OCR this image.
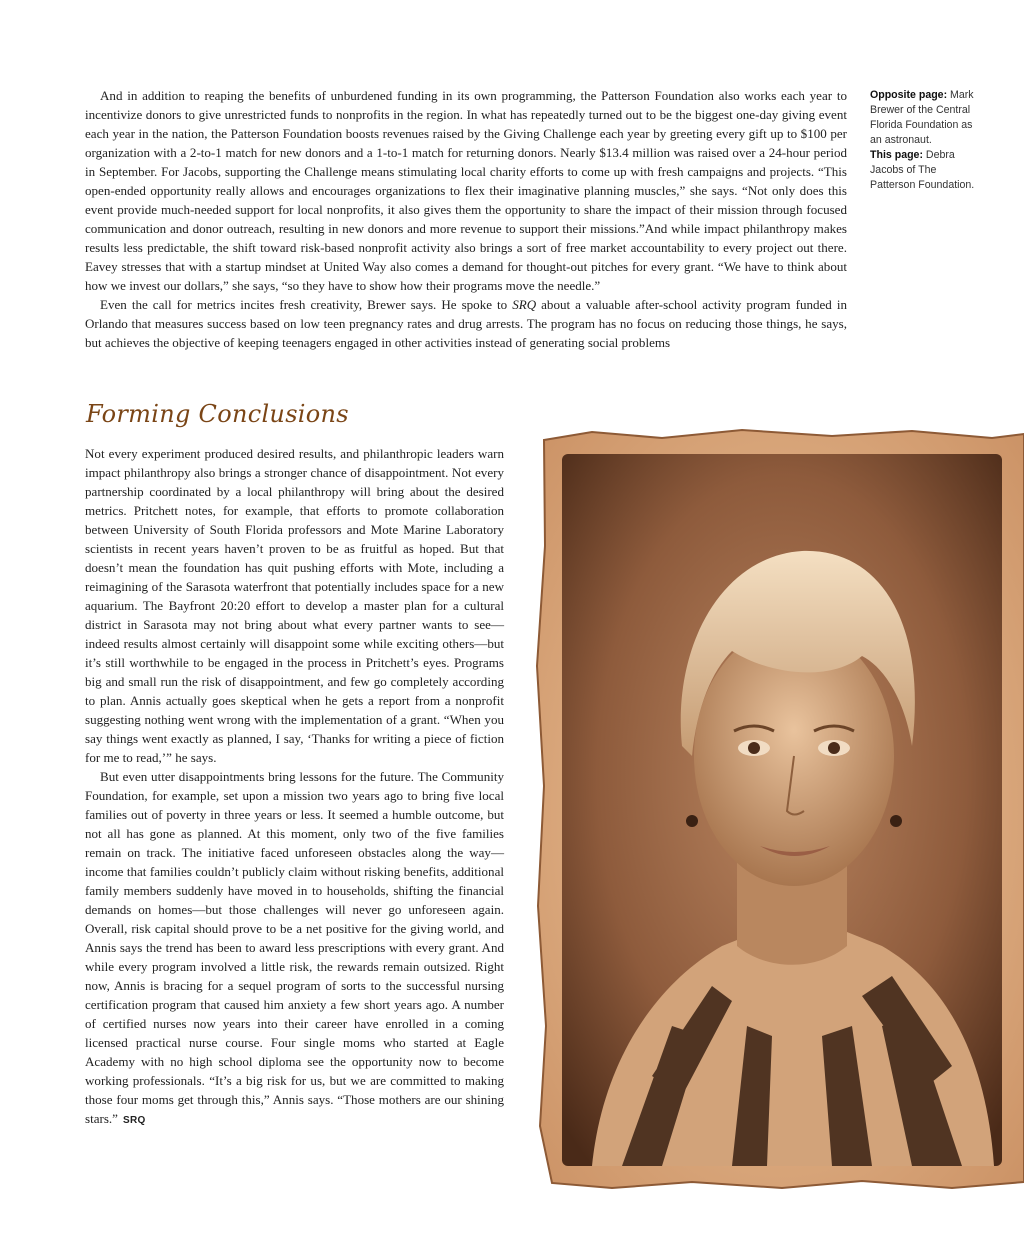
And in addition to reaping the benefits of unburdened funding in its own programming, the Patterson Foundation also works each year to incentivize donors to give unrestricted funds to nonprofits in the region. In what has repeatedly turned out to be the biggest one-day giving event each year in the nation, the Patterson Foundation boosts revenues raised by the Giving Challenge each year by greeting every gift up to $100 per organization with a 2-to-1 match for new donors and a 1-to-1 match for returning donors. Nearly $13.4 million was raised over a 24-hour period in September. For Jacobs, supporting the Challenge means stimulating local charity efforts to come up with fresh campaigns and projects. “This open-ended opportunity really allows and encourages organizations to flex their imaginative planning muscles,” she says. “Not only does this event provide much-needed support for local nonprofits, it also gives them the opportunity to share the impact of their mission through focused communication and donor outreach, resulting in new donors and more revenue to support their missions.”And while impact philanthropy makes results less predictable, the shift toward risk-based nonprofit activity also brings a sort of free market accountability to every project out there. Eavey stresses that with a startup mindset at United Way also comes a demand for thought-out pitches for every grant. “We have to think about how we invest our dollars,” she says, “so they have to show how their programs move the needle.”

Even the call for metrics incites fresh creativity, Brewer says. He spoke to SRQ about a valuable after-school activity program funded in Orlando that measures success based on low teen pregnancy rates and drug arrests. The program has no focus on reducing those things, he says, but achieves the objective of keeping teenagers engaged in other activities instead of generating social problems

Opposite page: Mark Brewer of the Central Florida Foundation as an astronaut.
This page: Debra Jacobs of The Patterson Foundation.
Forming Conclusions

Not every experiment produced desired results, and philanthropic leaders warn impact philanthropy also brings a stronger chance of disappointment. Not every partnership coordinated by a local philanthropy will bring about the desired metrics. Pritchett notes, for example, that efforts to promote collaboration between University of South Florida professors and Mote Marine Laboratory scientists in recent years haven’t proven to be as fruitful as hoped. But that doesn’t mean the foundation has quit pushing efforts with Mote, including a reimagining of the Sarasota waterfront that potentially includes space for a new aquarium. The Bayfront 20:20 effort to develop a master plan for a cultural district in Sarasota may not bring about what every partner wants to see—indeed results almost certainly will disappoint some while exciting others—but it’s still worthwhile to be engaged in the process in Pritchett’s eyes. Programs big and small run the risk of disappointment, and few go completely according to plan. Annis actually goes skeptical when he gets a report from a nonprofit suggesting nothing went wrong with the implementation of a grant. “When you say things went exactly as planned, I say, ‘Thanks for writing a piece of fiction for me to read,’” he says.

But even utter disappointments bring lessons for the future. The Community Foundation, for example, set upon a mission two years ago to bring five local families out of poverty in three years or less. It seemed a humble outcome, but not all has gone as planned. At this moment, only two of the five families remain on track. The initiative faced unforeseen obstacles along the way—income that families couldn’t publicly claim without risking benefits, additional family members suddenly have moved in to households, shifting the financial demands on homes—but those challenges will never go unforeseen again. Overall, risk capital should prove to be a net positive for the giving world, and Annis says the trend has been to award less prescriptions with every grant. And while every program involved a little risk, the rewards remain outsized. Right now, Annis is bracing for a sequel program of sorts to the successful nursing certification program that caused him anxiety a few short years ago. A number of certified nurses now years into their career have enrolled in a coming licensed practical nurse course. Four single moms who started at Eagle Academy with no high school diploma see the opportunity now to become working professionals. “It’s a big risk for us, but we are committed to making those four moms get through this,” Annis says. “Those mothers are our shining stars.” SRQ
